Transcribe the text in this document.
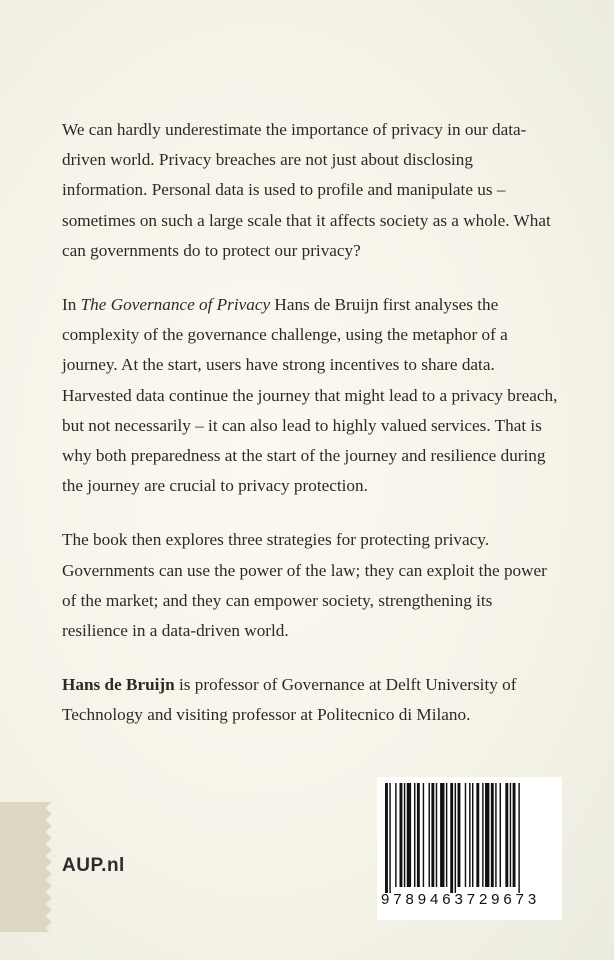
We can hardly underestimate the importance of privacy in our data-driven world. Privacy breaches are not just about disclosing information. Personal data is used to profile and manipulate us – sometimes on such a large scale that it affects society as a whole. What can governments do to protect our privacy?

In The Governance of Privacy Hans de Bruijn first analyses the complexity of the governance challenge, using the metaphor of a journey. At the start, users have strong incentives to share data. Harvested data continue the journey that might lead to a privacy breach, but not necessarily – it can also lead to highly valued services. That is why both preparedness at the start of the journey and resilience during the journey are crucial to privacy protection.

The book then explores three strategies for protecting privacy. Governments can use the power of the law; they can exploit the power of the market; and they can empower society, strengthening its resilience in a data-driven world.

Hans de Bruijn is professor of Governance at Delft University of Technology and visiting professor at Politecnico di Milano.

AUP.nl
9789463729673
